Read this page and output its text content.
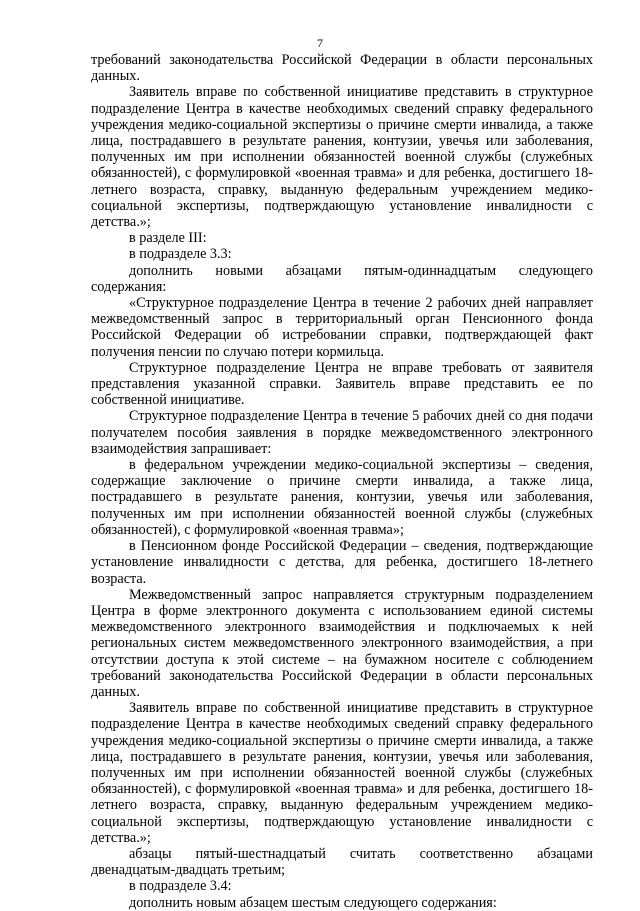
7

требований законодательства Российской Федерации в области персональных данных.

Заявитель вправе по собственной инициативе представить в структурное подразделение Центра в качестве необходимых сведений справку федерального учреждения медико-социальной экспертизы о причине смерти инвалида, а также лица, пострадавшего в результате ранения, контузии, увечья или заболевания, полученных им при исполнении обязанностей военной службы (служебных обязанностей), с формулировкой «военная травма» и для ребенка, достигшего 18-летнего возраста, справку, выданную федеральным учреждением медико-социальной экспертизы, подтверждающую установление инвалидности с детства.»;

в разделе III:

в подразделе 3.3:

дополнить новыми абзацами пятым-одиннадцатым следующего содержания:

«Структурное подразделение Центра в течение 2 рабочих дней направляет межведомственный запрос в территориальный орган Пенсионного фонда Российской Федерации об истребовании справки, подтверждающей факт получения пенсии по случаю потери кормильца.

Структурное подразделение Центра не вправе требовать от заявителя представления указанной справки. Заявитель вправе представить ее по собственной инициативе.

Структурное подразделение Центра в течение 5 рабочих дней со дня подачи получателем пособия заявления в порядке межведомственного электронного взаимодействия запрашивает:

в федеральном учреждении медико-социальной экспертизы – сведения, содержащие заключение о причине смерти инвалида, а также лица, пострадавшего в результате ранения, контузии, увечья или заболевания, полученных им при исполнении обязанностей военной службы (служебных обязанностей), с формулировкой «военная травма»;

в Пенсионном фонде Российской Федерации – сведения, подтверждающие установление инвалидности с детства, для ребенка, достигшего 18-летнего возраста.

Межведомственный запрос направляется структурным подразделением Центра в форме электронного документа с использованием единой системы межведомственного электронного взаимодействия и подключаемых к ней региональных систем межведомственного электронного взаимодействия, а при отсутствии доступа к этой системе – на бумажном носителе с соблюдением требований законодательства Российской Федерации в области персональных данных.

Заявитель вправе по собственной инициативе представить в структурное подразделение Центра в качестве необходимых сведений справку федерального учреждения медико-социальной экспертизы о причине смерти инвалида, а также лица, пострадавшего в результате ранения, контузии, увечья или заболевания, полученных им при исполнении обязанностей военной службы (служебных обязанностей), с формулировкой «военная травма» и для ребенка, достигшего 18-летнего возраста, справку, выданную федеральным учреждением медико-социальной экспертизы, подтверждающую установление инвалидности с детства.»;

абзацы пятый-шестнадцатый считать соответственно абзацами двенадцатым-двадцать третьим;

в подразделе 3.4:

дополнить новым абзацем шестым следующего содержания:
